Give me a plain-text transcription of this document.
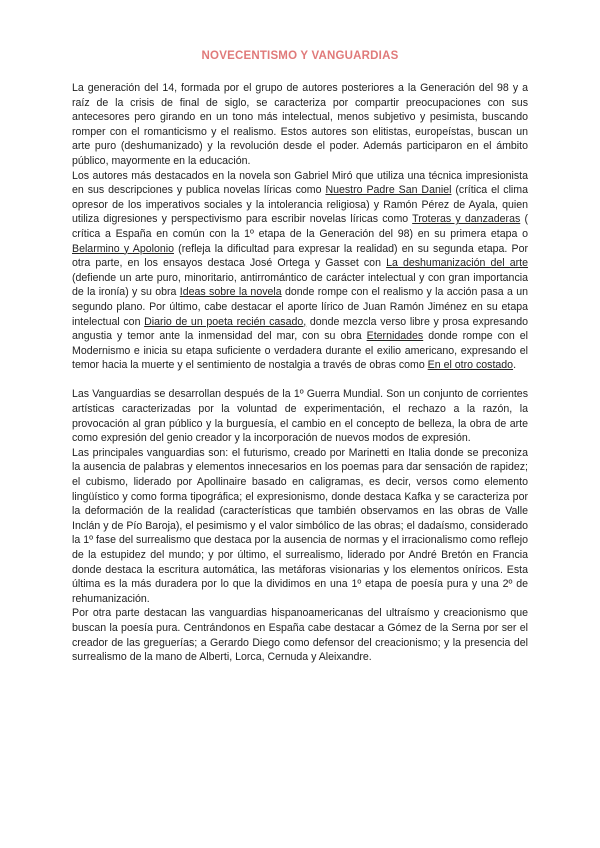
NOVECENTISMO Y VANGUARDIAS

La generación del 14, formada por el grupo de autores posteriores a la Generación del 98 y a raíz de la crisis de final de siglo, se caracteriza por compartir preocupaciones con sus antecesores pero girando en un tono más intelectual, menos subjetivo y pesimista, buscando romper con el romanticismo y el realismo. Estos autores son elitistas, europeístas, buscan un arte puro (deshumanizado) y la revolución desde el poder. Además participaron en el ámbito público, mayormente en la educación.

Los autores más destacados en la novela son Gabriel Miró que utiliza una técnica impresionista en sus descripciones y publica novelas líricas como Nuestro Padre San Daniel (crítica el clima opresor de los imperativos sociales y la intolerancia religiosa) y Ramón Pérez de Ayala, quien utiliza digresiones y perspectivismo para escribir novelas líricas como Troteras y danzaderas ( crítica a España en común con la 1º etapa de la Generación del 98) en su primera etapa o Belarmino y Apolonio (refleja la dificultad para expresar la realidad) en su segunda etapa. Por otra parte, en los ensayos destaca José Ortega y Gasset con La deshumanización del arte (defiende un arte puro, minoritario, antirromántico de carácter intelectual y con gran importancia de la ironía) y su obra Ideas sobre la novela donde rompe con el realismo y la acción pasa a un segundo plano. Por último, cabe destacar el aporte lírico de Juan Ramón Jiménez en su etapa intelectual con Diario de un poeta recién casado, donde mezcla verso libre y prosa expresando angustia y temor ante la inmensidad del mar, con su obra Eternidades donde rompe con el Modernismo e inicia su etapa suficiente o verdadera durante el exilio americano, expresando el temor hacia la muerte y el sentimiento de nostalgia a través de obras como En el otro costado.

Las Vanguardias se desarrollan después de la 1º Guerra Mundial. Son un conjunto de corrientes artísticas caracterizadas por la voluntad de experimentación, el rechazo a la razón, la provocación al gran público y la burguesía, el cambio en el concepto de belleza, la obra de arte como expresión del genio creador y la incorporación de nuevos modos de expresión.

Las principales vanguardias son: el futurismo, creado por Marinetti en Italia donde se preconiza la ausencia de palabras y elementos innecesarios en los poemas para dar sensación de rapidez; el cubismo, liderado por Apollinaire basado en caligramas, es decir, versos como elemento lingüístico y como forma tipográfica; el expresionismo, donde destaca Kafka y se caracteriza por la deformación de la realidad (características que también observamos en las obras de Valle Inclán y de Pío Baroja), el pesimismo y el valor simbólico de las obras; el dadaísmo, considerado la 1º fase del surrealismo que destaca por la ausencia de normas y el irracionalismo como reflejo de la estupidez del mundo; y por último, el surrealismo, liderado por André Bretón en Francia donde destaca la escritura automática, las metáforas visionarias y los elementos oníricos. Esta última es la más duradera por lo que la dividimos en una 1º etapa de poesía pura y una 2º de rehumanización.

Por otra parte destacan las vanguardias hispanoamericanas del ultraísmo y creacionismo que buscan la poesía pura. Centrándonos en España cabe destacar a Gómez de la Serna por ser el creador de las greguerías; a Gerardo Diego como defensor del creacionismo; y la presencia del surrealismo de la mano de Alberti, Lorca, Cernuda y Aleixandre.
